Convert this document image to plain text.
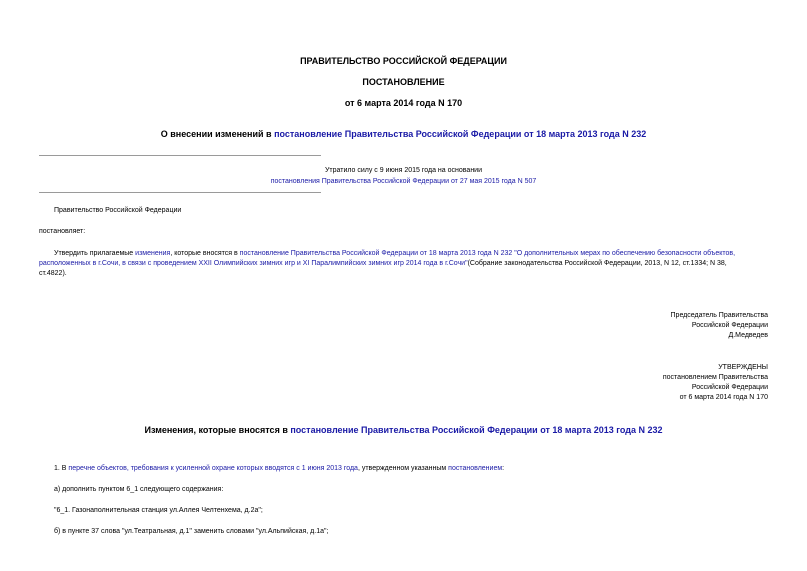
ПРАВИТЕЛЬСТВО РОССИЙСКОЙ ФЕДЕРАЦИИ
ПОСТАНОВЛЕНИЕ
от 6 марта 2014 года N 170
О внесении изменений в постановление Правительства Российской Федерации от 18 марта 2013 года N 232
Утратило силу с 9 июня 2015 года на основании
постановления Правительства Российской Федерации от 27 мая 2015 года N 507
Правительство Российской Федерации
постановляет:
Утвердить прилагаемые изменения, которые вносятся в постановление Правительства Российской Федерации от 18 марта 2013 года N 232 "О дополнительных мерах по обеспечению безопасности объектов,
расположенных в г.Сочи, в связи с проведением XXII Олимпийских зимних игр и XI Паралимпийских зимних игр 2014 года в г.Сочи"(Собрание законодательства Российской Федерации, 2013, N 12, ст.1334; N 38,
ст.4822).
Председатель Правительства
Российской Федерации
Д.Медведев
УТВЕРЖДЕНЫ
постановлением Правительства
Российской Федерации
от 6 марта 2014 года N 170
Изменения, которые вносятся в постановление Правительства Российской Федерации от 18 марта 2013 года N 232
1. В перечне объектов, требования к усиленной охране которых вводятся с 1 июня 2013 года, утвержденном указанным постановлением:
а) дополнить пунктом 6_1 следующего содержания:
"6_1. Газонаполнительная станция ул.Аллея Челтенхема, д.2а";
б) в пункте 37 слова "ул.Театральная, д.1" заменить словами "ул.Альпийская, д.1а";
